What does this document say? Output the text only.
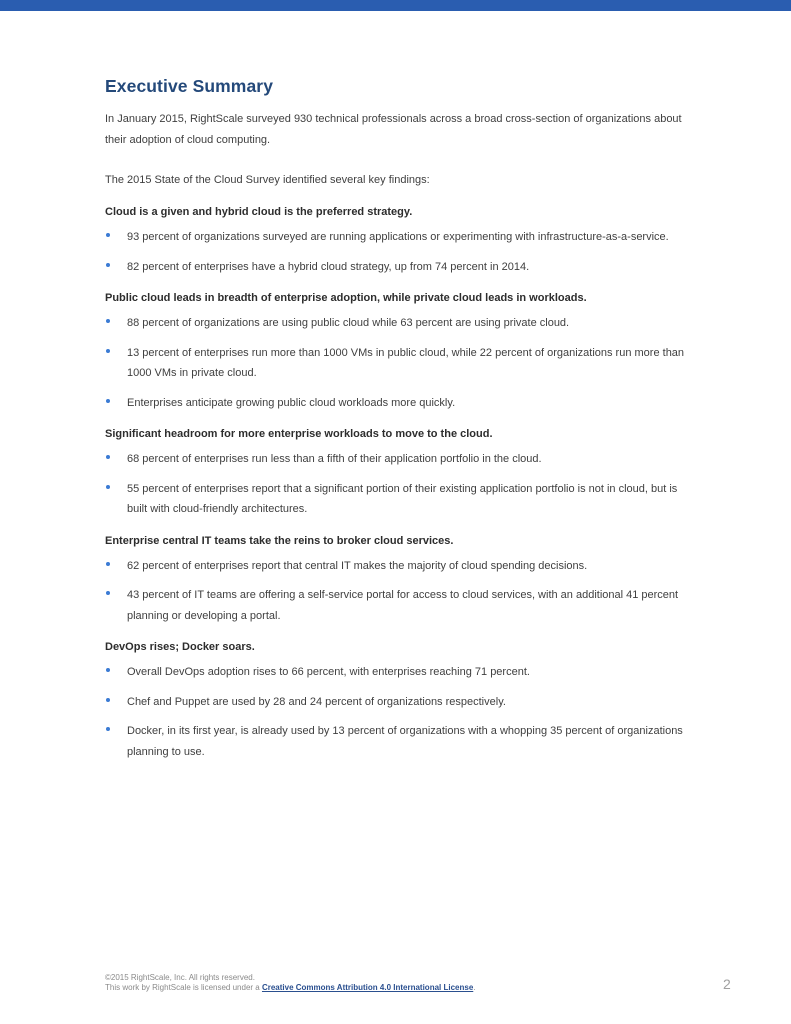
Executive Summary

In January 2015, RightScale surveyed 930 technical professionals across a broad cross-section of organizations about their adoption of cloud computing.

The 2015 State of the Cloud Survey identified several key findings:

Cloud is a given and hybrid cloud is the preferred strategy.
93 percent of organizations surveyed are running applications or experimenting with infrastructure-as-a-service.
82 percent of enterprises have a hybrid cloud strategy, up from 74 percent in 2014.
Public cloud leads in breadth of enterprise adoption, while private cloud leads in workloads.
88 percent of organizations are using public cloud while 63 percent are using private cloud.
13 percent of enterprises run more than 1000 VMs in public cloud, while 22 percent of organizations run more than 1000 VMs in private cloud.
Enterprises anticipate growing public cloud workloads more quickly.
Significant headroom for more enterprise workloads to move to the cloud.
68 percent of enterprises run less than a fifth of their application portfolio in the cloud.
55 percent of enterprises report that a significant portion of their existing application portfolio is not in cloud, but is built with cloud-friendly architectures.
Enterprise central IT teams take the reins to broker cloud services.
62 percent of enterprises report that central IT makes the majority of cloud spending decisions.
43 percent of IT teams are offering a self-service portal for access to cloud services, with an additional 41 percent planning or developing a portal.
DevOps rises; Docker soars.
Overall DevOps adoption rises to 66 percent, with enterprises reaching 71 percent.
Chef and Puppet are used by 28 and 24 percent of organizations respectively.
Docker, in its first year, is already used by 13 percent of organizations with a whopping 35 percent of organizations planning to use.
©2015 RightScale, Inc. All rights reserved.
This work by RightScale is licensed under a Creative Commons Attribution 4.0 International License.	2
